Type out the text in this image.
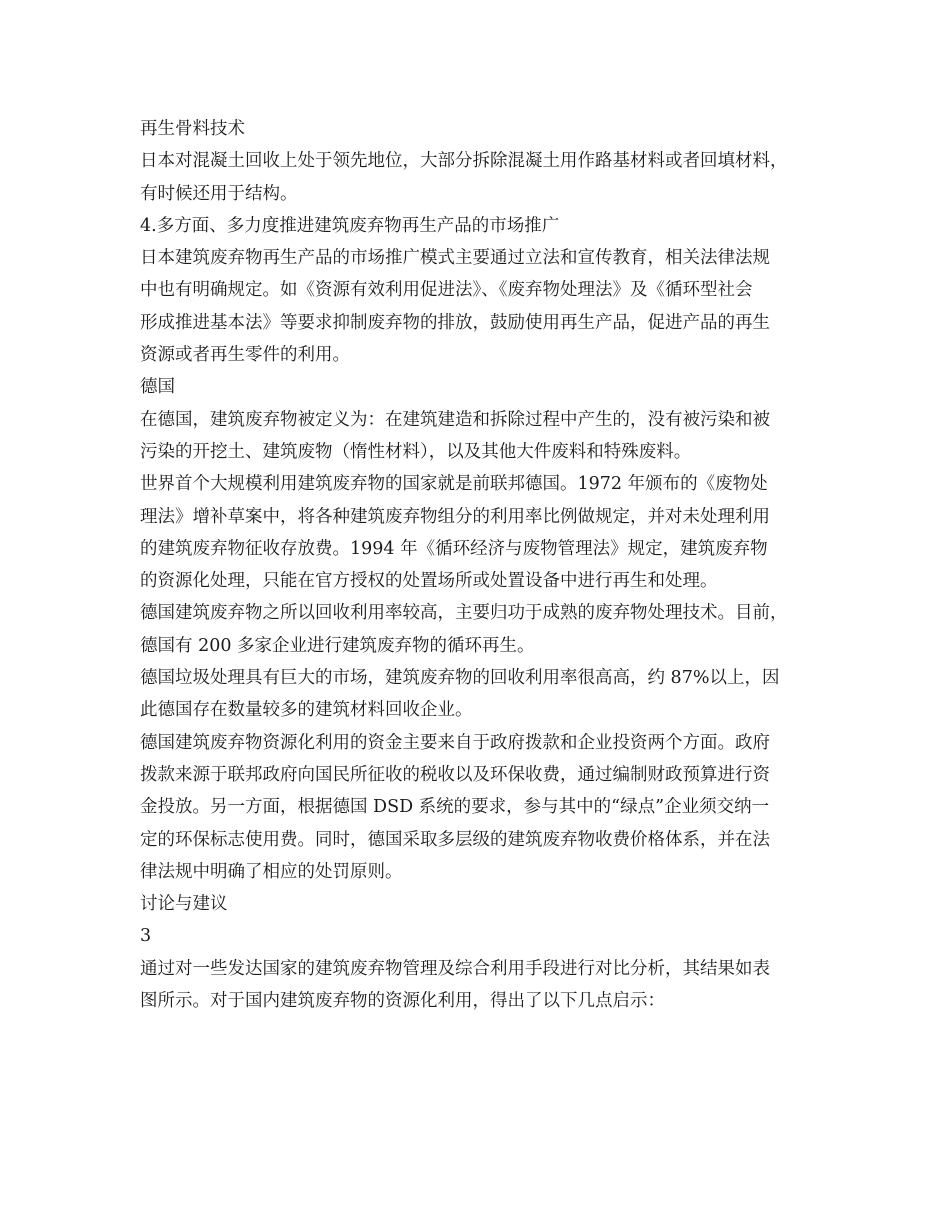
再生骨料技术

日本对混凝土回收上处于领先地位，大部分拆除混凝土用作路基材料或者回填材料，

有时候还用于结构。

4.多方面、多力度推进建筑废弃物再生产品的市场推广

日本建筑废弃物再生产品的市场推广模式主要通过立法和宣传教育，相关法律法规

中也有明确规定。如《资源有效利用促进法》、《废弃物处理法》及《循环型社会

形成推进基本法》等要求抑制废弃物的排放，鼓励使用再生产品，促进产品的再生

资源或者再生零件的利用。

德国

在德国，建筑废弃物被定义为：在建筑建造和拆除过程中产生的，没有被污染和被

污染的开挖土、建筑废物（惰性材料），以及其他大件废料和特殊废料。

世界首个大规模利用建筑废弃物的国家就是前联邦德国。1972 年颁布的《废物处

理法》增补草案中，将各种建筑废弃物组分的利用率比例做规定，并对未处理利用

的建筑废弃物征收存放费。1994 年《循环经济与废物管理法》规定，建筑废弃物

的资源化处理，只能在官方授权的处置场所或处置设备中进行再生和处理。

德国建筑废弃物之所以回收利用率较高，主要归功于成熟的废弃物处理技术。目前，

德国有 200 多家企业进行建筑废弃物的循环再生。

德国垃圾处理具有巨大的市场，建筑废弃物的回收利用率很高高，约 87%以上，因

此德国存在数量较多的建筑材料回收企业。

德国建筑废弃物资源化利用的资金主要来自于政府拨款和企业投资两个方面。政府

拨款来源于联邦政府向国民所征收的税收以及环保收费，通过编制财政预算进行资

金投放。另一方面，根据德国 DSD 系统的要求，参与其中的“绿点”企业须交纳一

定的环保标志使用费。同时，德国采取多层级的建筑废弃物收费价格体系，并在法

律法规中明确了相应的处罚原则。

讨论与建议

3

通过对一些发达国家的建筑废弃物管理及综合利用手段进行对比分析，其结果如表

图所示。对于国内建筑废弃物的资源化利用，得出了以下几点启示：
